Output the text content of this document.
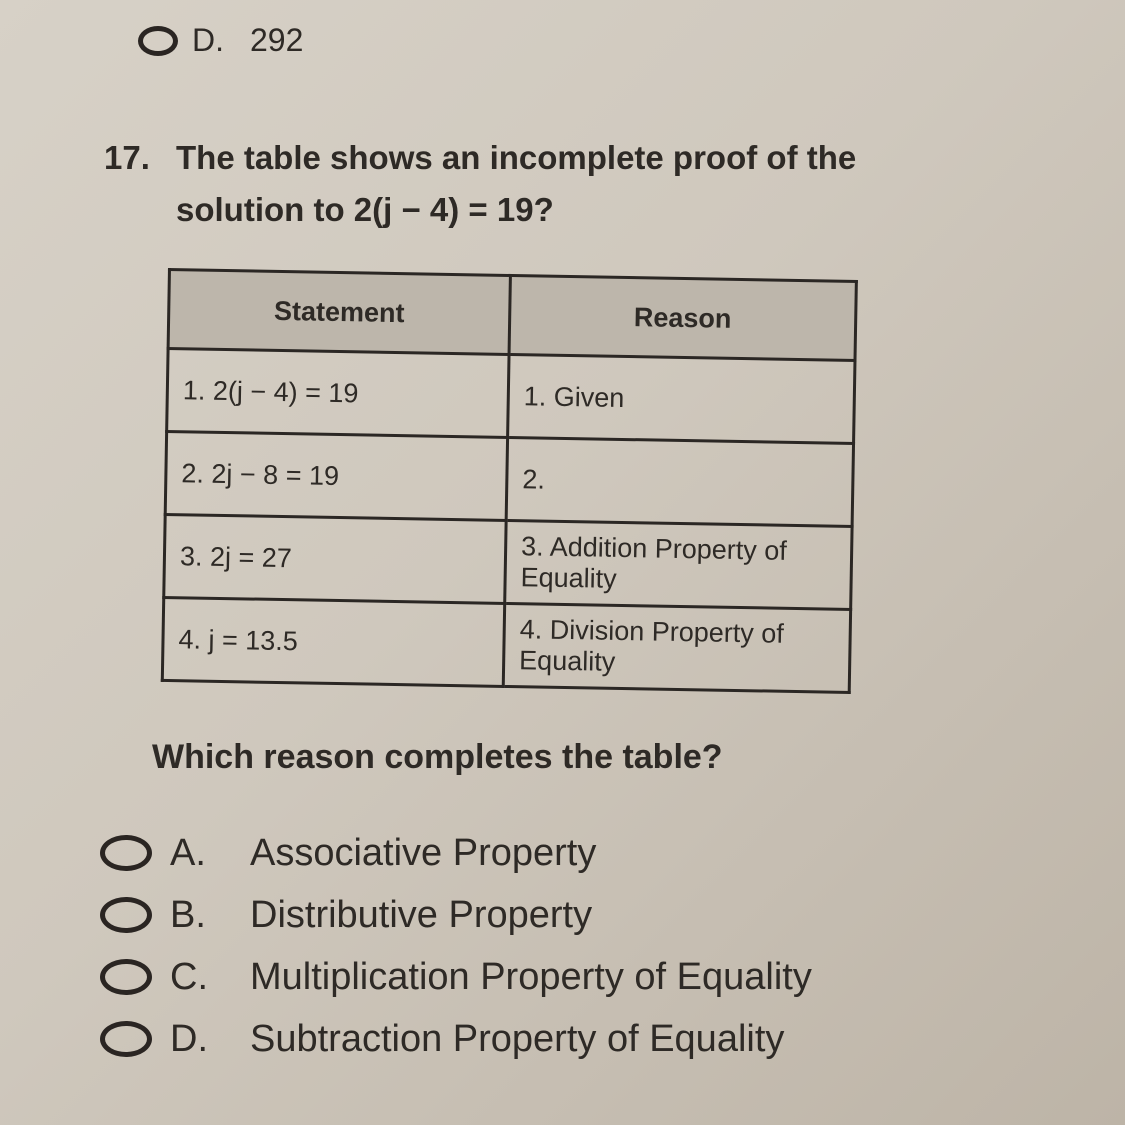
D. 292
17. The table shows an incomplete proof of the
solution to 2(j − 4) = 19?
Statement	Reason
1. 2(j − 4) = 19	1. Given
2. 2j − 8 = 19	2.
3. 2j = 27	3. Addition Property of Equality
4. j = 13.5	4. Division Property of Equality
Which reason completes the table?
A.	Associative Property
B.	Distributive Property
C.	Multiplication Property of Equality
D.	Subtraction Property of Equality
